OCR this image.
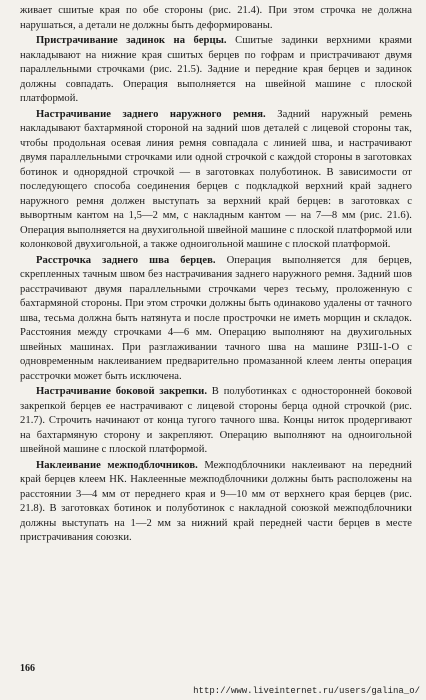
живает сшитые края по обе стороны (рис. 21.4). При этом строчка не должна нарушаться, а детали не должны быть деформированы.

Пристрачивание задинок на берцы. Сшитые задинки верхними краями накладывают на нижние края сшитых берцев по гофрам и пристрачивают двумя параллельными строчками (рис. 21.5). Задние и передние края берцев и задинок должны совпадать. Операция выполняется на швейной машине с плоской платформой.

Настрачивание заднего наружного ремня. Задний наружный ремень накладывают бахтармяной стороной на задний шов деталей с лицевой стороны так, чтобы продольная осевая линия ремня совпадала с линией шва, и настрачивают двумя параллельными строчками или одной строчкой с каждой стороны в заготовках ботинок и однорядной строчкой — в заготовках полуботинок. В зависимости от последующего способа соединения берцев с подкладкой верхний край заднего наружного ремня должен выступать за верхний край берцев: в заготовках с вывортным кантом на 1,5—2 мм, с накладным кантом — на 7—8 мм (рис. 21.6). Операция выполняется на двухигольной швейной машине с плоской платформой или колонковой двухигольной, а также одноигольной машине с плоской платформой.

Расстрочка заднего шва берцев. Операция выполняется для берцев, скрепленных тачным швом без настрачивания заднего наружного ремня. Задний шов расстрачивают двумя параллельными строчками через тесьму, проложенную с бахтармяной стороны. При этом строчки должны быть одинаково удалены от тачного шва, тесьма должна быть натянута и после прострочки не иметь морщин и складок. Расстояния между строчками 4—6 мм. Операцию выполняют на двухигольных швейных машинах. При разглаживании тачного шва на машине РЗШ-1-О с одновременным наклеиванием предварительно промазанной клеем ленты операция расстрочки может быть исключена.

Настрачивание боковой закрепки. В полуботинках с односторонней боковой закрепкой берцев ее настрачивают с лицевой стороны берца одной строчкой (рис. 21.7). Строчить начинают от конца тугого тачного шва. Концы ниток продергивают на бахтармяную сторону и закрепляют. Операцию выполняют на одноигольной швейной машине с плоской платформой.

Наклеивание межподблочников. Межподблочники наклеивают на передний край берцев клеем НК. Наклеенные межподблочники должны быть расположены на расстоянии 3—4 мм от переднего края и 9—10 мм от верхнего края берцев (рис. 21.8). В заготовках ботинок и полуботинок с накладной союзкой межподблочники должны выступать на 1—2 мм за нижний край передней части берцев в месте пристрачивания союзки.

166
http://www.liveinternet.ru/users/galina_o/
